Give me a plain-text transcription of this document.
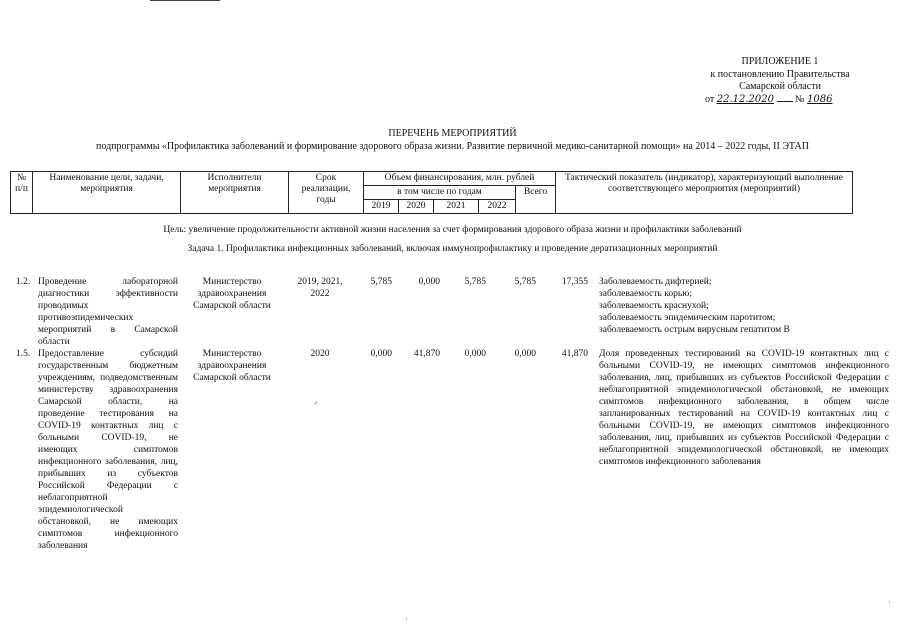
ПРИЛОЖЕНИЕ 1
к постановлению Правительства
Самарской области
от 22.12.2020 № 1086
ПЕРЕЧЕНЬ МЕРОПРИЯТИЙ
подпрограммы «Профилактика заболеваний и формирование здорового образа жизни. Развитие первичной медико-санитарной помощи» на 2014 – 2022 годы, II ЭТАП
№ п/п	Наименование цели, задачи, мероприятия	Исполнители мероприятия	Срок реализации, годы	Объем финансирования, млн. рублей					Тактический показатель (индикатор), характеризующий выполнение соответствующего мероприятия (мероприятий)
				в том числе по годам				Всего	
				2019	2020	2021	2022		
Цель: увеличение продолжительности активной жизни населения за счет формирования здорового образа жизни и профилактики заболеваний
Задача 1. Профилактика инфекционных заболеваний, включая иммунопрофилактику и проведение дератизационных мероприятий
1.2. Проведение лабораторной диагностики эффективности проводимых противоэпидемических мероприятий в Самарской области
Министерство здравоохранения Самарской области
2019, 2021, 2022
5,785	0,000	5,785	5,785	17,355 Заболеваемость дифтерией;
заболеваемость корью;
заболеваемость краснухой;
заболеваемость эпидемическим паротитом;
заболеваемость острым вирусным гепатитом В
1.5. Предоставление субсидий государственным бюджетным учреждениям, подведомственным министерству здравоохранения Самарской области, на проведение тестирования на COVID-19 контактных лиц с больными COVID-19, не имеющих симптомов инфекционного заболевания, лиц, прибывших из субъектов Российской Федерации с неблагоприятной эпидемиологической обстановкой, не имеющих симптомов инфекционного заболевания
Министерство здравоохранения Самарской области
2020	0,000	41,870	0,000	0,000	41,870 Доля проведенных тестирований на COVID-19 контактных лиц с больными COVID-19, не имеющих симптомов инфекционного заболевания, лиц, прибывших из субъектов Российской Федерации с неблагоприятной эпидемиологической обстановкой, не имеющих симптомов инфекционного заболевания, в общем числе запланированных тестирований на COVID-19 контактных лиц с больными COVID-19, не имеющих симптомов инфекционного заболевания, лиц, прибывших из субъектов Российской Федерации с неблагоприятной эпидемиологической обстановкой, не имеющих симптомов инфекционного заболевания
ᐟ
·
·
